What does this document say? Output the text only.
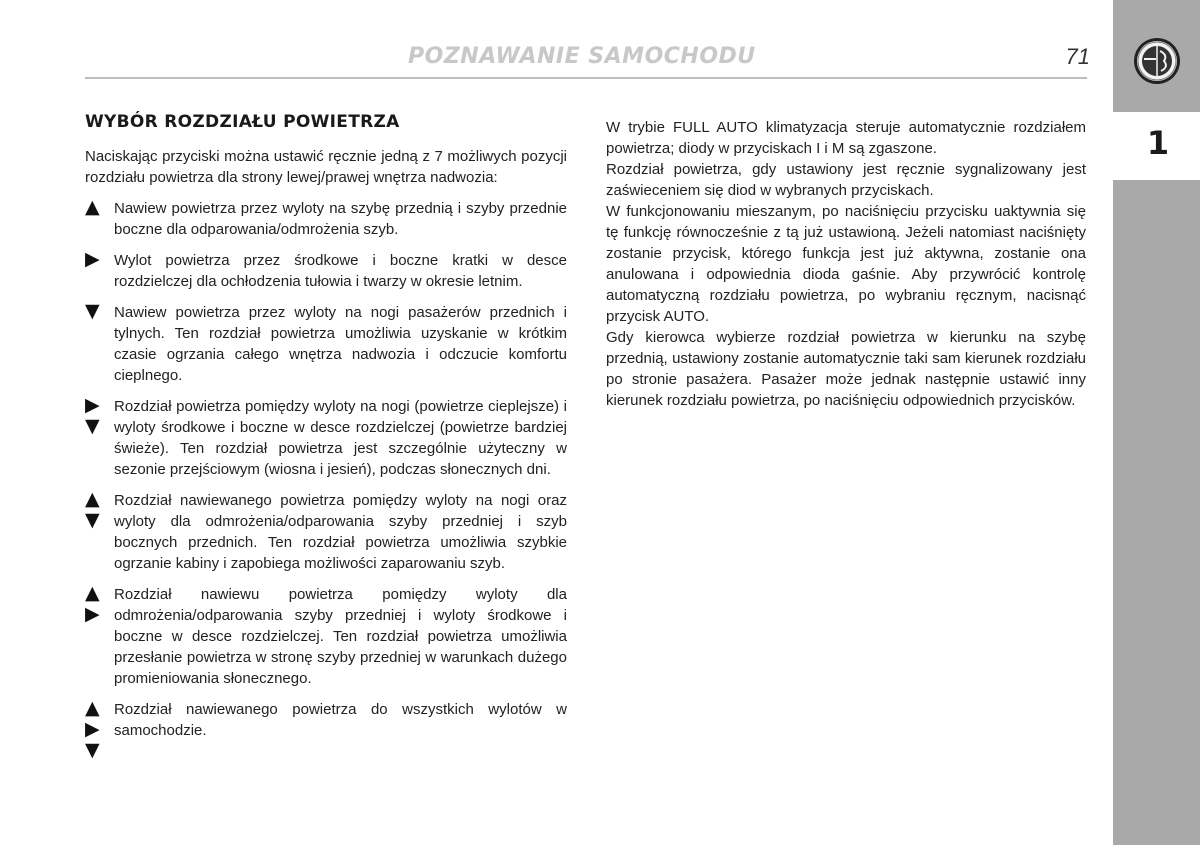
POZNAWANIE SAMOCHODU	71
1
WYBÓR ROZDZIAŁU POWIETRZA

Naciskając przyciski można ustawić ręcznie jedną z 7 możliwych pozycji rozdziału powietrza dla strony lewej/prawej wnętrza nadwozia:

▲ Nawiew powietrza przez wyloty na szybę przednią i szyby przednie boczne dla odparowania/odmrożenia szyb.

▶ Wylot powietrza przez środkowe i boczne kratki w desce rozdzielczej dla ochłodzenia tułowia i twarzy w okresie letnim.

▼ Nawiew powietrza przez wyloty na nogi pasażerów przednich i tylnych. Ten rozdział powietrza umożliwia uzyskanie w krótkim czasie ogrzania całego wnętrza nadwozia i odczucie komfortu cieplnego.

▶
▼
Rozdział powietrza pomiędzy wyloty na nogi (powietrze cieplejsze) i wyloty środkowe i boczne w desce rozdzielczej (powietrze bardziej świeże). Ten rozdział powietrza jest szczególnie użyteczny w sezonie przejściowym (wiosna i jesień), podczas słonecznych dni.

▲
▼
Rozdział nawiewanego powietrza pomiędzy wyloty na nogi oraz wyloty dla odmrożenia/odparowania szyby przedniej i szyb bocznych przednich. Ten rozdział powietrza umożliwia szybkie ogrzanie kabiny i zapobiega możliwości zaparowaniu szyb.

▲
▶
Rozdział nawiewu powietrza pomiędzy wyloty dla odmrożenia/odparowania szyby przedniej i wyloty środkowe i boczne w desce rozdzielczej. Ten rozdział powietrza umożliwia przesłanie powietrza w stronę szyby przedniej w warunkach dużego promieniowania słonecznego.

▲
▶
▼
Rozdział nawiewanego powietrza do wszystkich wylotów w samochodzie.

W trybie FULL AUTO klimatyzacja steruje automatycznie rozdziałem powietrza; diody w przyciskach I i M są zgaszone.

Rozdział powietrza, gdy ustawiony jest ręcznie sygnalizowany jest zaświeceniem się diod w wybranych przyciskach.

W funkcjonowaniu mieszanym, po naciśnięciu przycisku uaktywnia się tę funkcję równocześnie z tą już ustawioną. Jeżeli natomiast naciśnięty zostanie przycisk, którego funkcja jest już aktywna, zostanie ona anulowana i odpowiednia dioda gaśnie. Aby przywrócić kontrolę automatyczną rozdziału powietrza, po wybraniu ręcznym, nacisnąć przycisk AUTO.

Gdy kierowca wybierze rozdział powietrza w kierunku na szybę przednią, ustawiony zostanie automatycznie taki sam kierunek rozdziału po stronie pasażera. Pasażer może jednak następnie ustawić inny kierunek rozdziału powietrza, po naciśnięciu odpowiednich przycisków.
